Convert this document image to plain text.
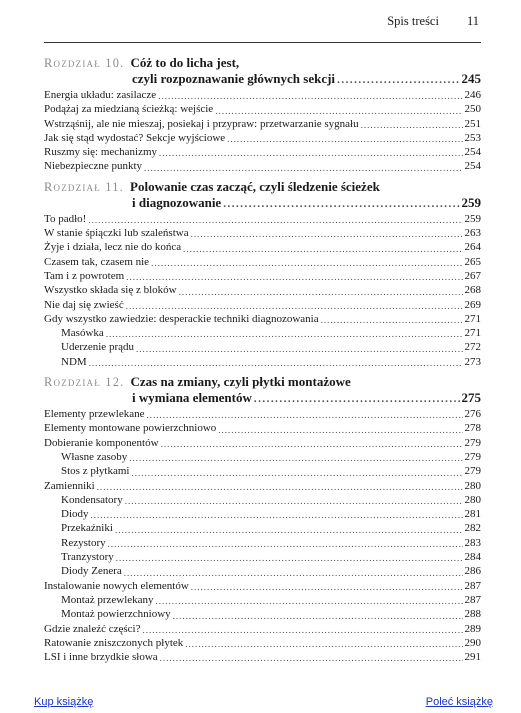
Spis treści 11
Rozdział 10. Cóż to do licha jest,
czyli rozpoznawanie głównych sekcji .....	245
Energia układu: zasilacze .....	246
Podążaj za miedzianą ścieżką: wejście .....	250
Wstrząśnij, ale nie mieszaj, posiekaj i przypraw: przetwarzanie sygnału .....	251
Jak się stąd wydostać? Sekcje wyjściowe .....	253
Ruszmy się: mechanizmy .....	254
Niebezpieczne punkty .....	254
Rozdział 11. Polowanie czas zacząć, czyli śledzenie ścieżek
i diagnozowanie .....	259
To padło! .....	259
W stanie śpiączki lub szaleństwa .....	263
Żyje i działa, lecz nie do końca .....	264
Czasem tak, czasem nie .....	265
Tam i z powrotem .....	267
Wszystko składa się z bloków .....	268
Nie daj się zwieść .....	269
Gdy wszystko zawiedzie: desperackie techniki diagnozowania .....	271
Masówka .....	271
Uderzenie prądu .....	272
NDM .....	273
Rozdział 12. Czas na zmiany, czyli płytki montażowe
i wymiana elementów .....	275
Elementy przewlekane .....	276
Elementy montowane powierzchniowo .....	278
Dobieranie komponentów .....	279
Własne zasoby .....	279
Stos z płytkami .....	279
Zamienniki .....	280
Kondensatory .....	280
Diody .....	281
Przekaźniki .....	282
Rezystory .....	283
Tranzystory .....	284
Diody Zenera .....	286
Instalowanie nowych elementów .....	287
Montaż przewlekany .....	287
Montaż powierzchniowy .....	288
Gdzie znaleźć części? .....	289
Ratowanie zniszczonych płytek .....	290
LSI i inne brzydkie słowa .....	291
Kup książkę	Poleć książkę
